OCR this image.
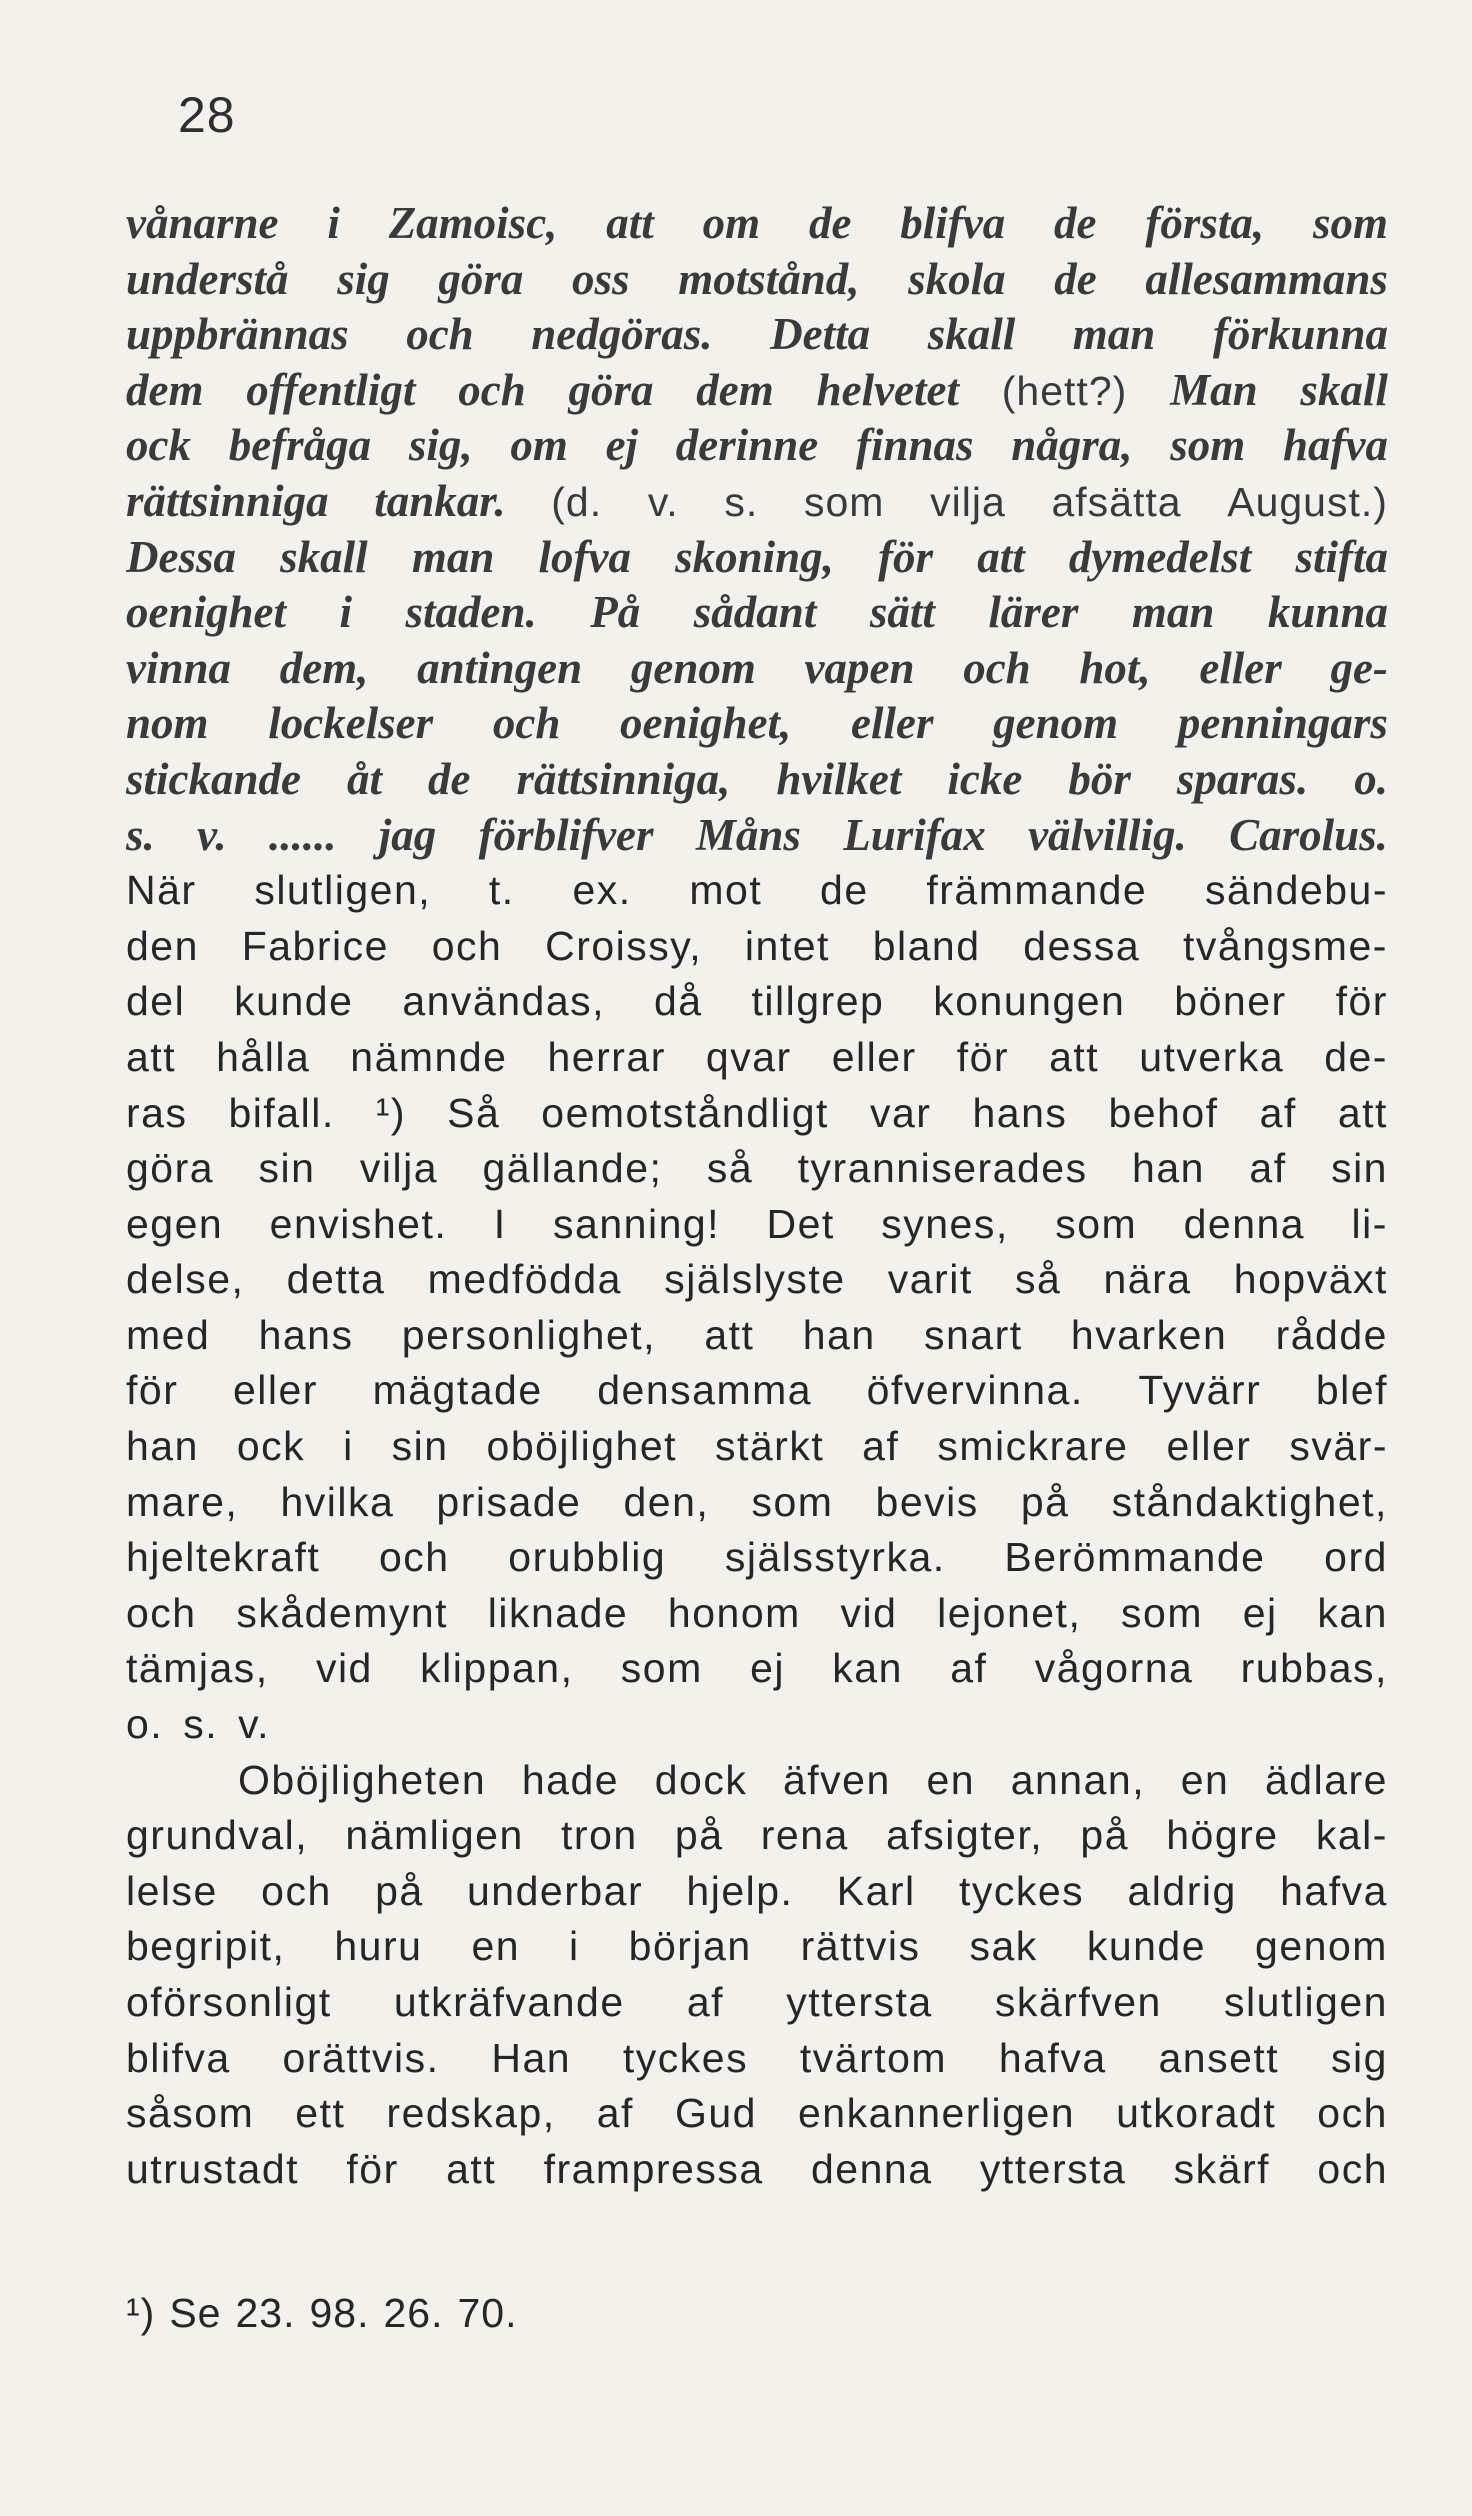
28
vånarne i Zamoisc, att om de blifva de första, som
understå sig göra oss motstånd, skola de allesammans
uppbrännas och nedgöras. Detta skall man förkunna
dem offentligt och göra dem helvetet (hett?) Man skall
ock befråga sig, om ej derinne finnas några, som hafva
rättsinniga tankar. (d. v. s. som vilja afsätta August.)
Dessa skall man lofva skoning, för att dymedelst stifta
oenighet i staden. På sådant sätt lärer man kunna
vinna dem, antingen genom vapen och hot, eller ge-
nom lockelser och oenighet, eller genom penningars
stickande åt de rättsinniga, hvilket icke bör sparas. o.
s. v. ...... jag förblifver Måns Lurifax välvillig. Carolus.
När slutligen, t. ex. mot de främmande sändebu-
den Fabrice och Croissy, intet bland dessa tvångsme-
del kunde användas, då tillgrep konungen böner för
att hålla nämnde herrar qvar eller för att utverka de-
ras bifall. ¹) Så oemotståndligt var hans behof af att
göra sin vilja gällande; så tyranniserades han af sin
egen envishet. I sanning! Det synes, som denna li-
delse, detta medfödda själslyste varit så nära hopväxt
med hans personlighet, att han snart hvarken rådde
för eller mägtade densamma öfvervinna. Tyvärr blef
han ock i sin oböjlighet stärkt af smickrare eller svär-
mare, hvilka prisade den, som bevis på ståndaktighet,
hjeltekraft och orubblig själsstyrka. Berömmande ord
och skådemynt liknade honom vid lejonet, som ej kan
tämjas, vid klippan, som ej kan af vågorna rubbas,
o. s. v.
Oböjligheten hade dock äfven en annan, en ädlare
grundval, nämligen tron på rena afsigter, på högre kal-
lelse och på underbar hjelp. Karl tyckes aldrig hafva
begripit, huru en i början rättvis sak kunde genom
oförsonligt utkräfvande af yttersta skärfven slutligen
blifva orättvis. Han tyckes tvärtom hafva ansett sig
såsom ett redskap, af Gud enkannerligen utkoradt och
utrustadt för att frampressa denna yttersta skärf och
¹) Se 23. 98. 26. 70.
